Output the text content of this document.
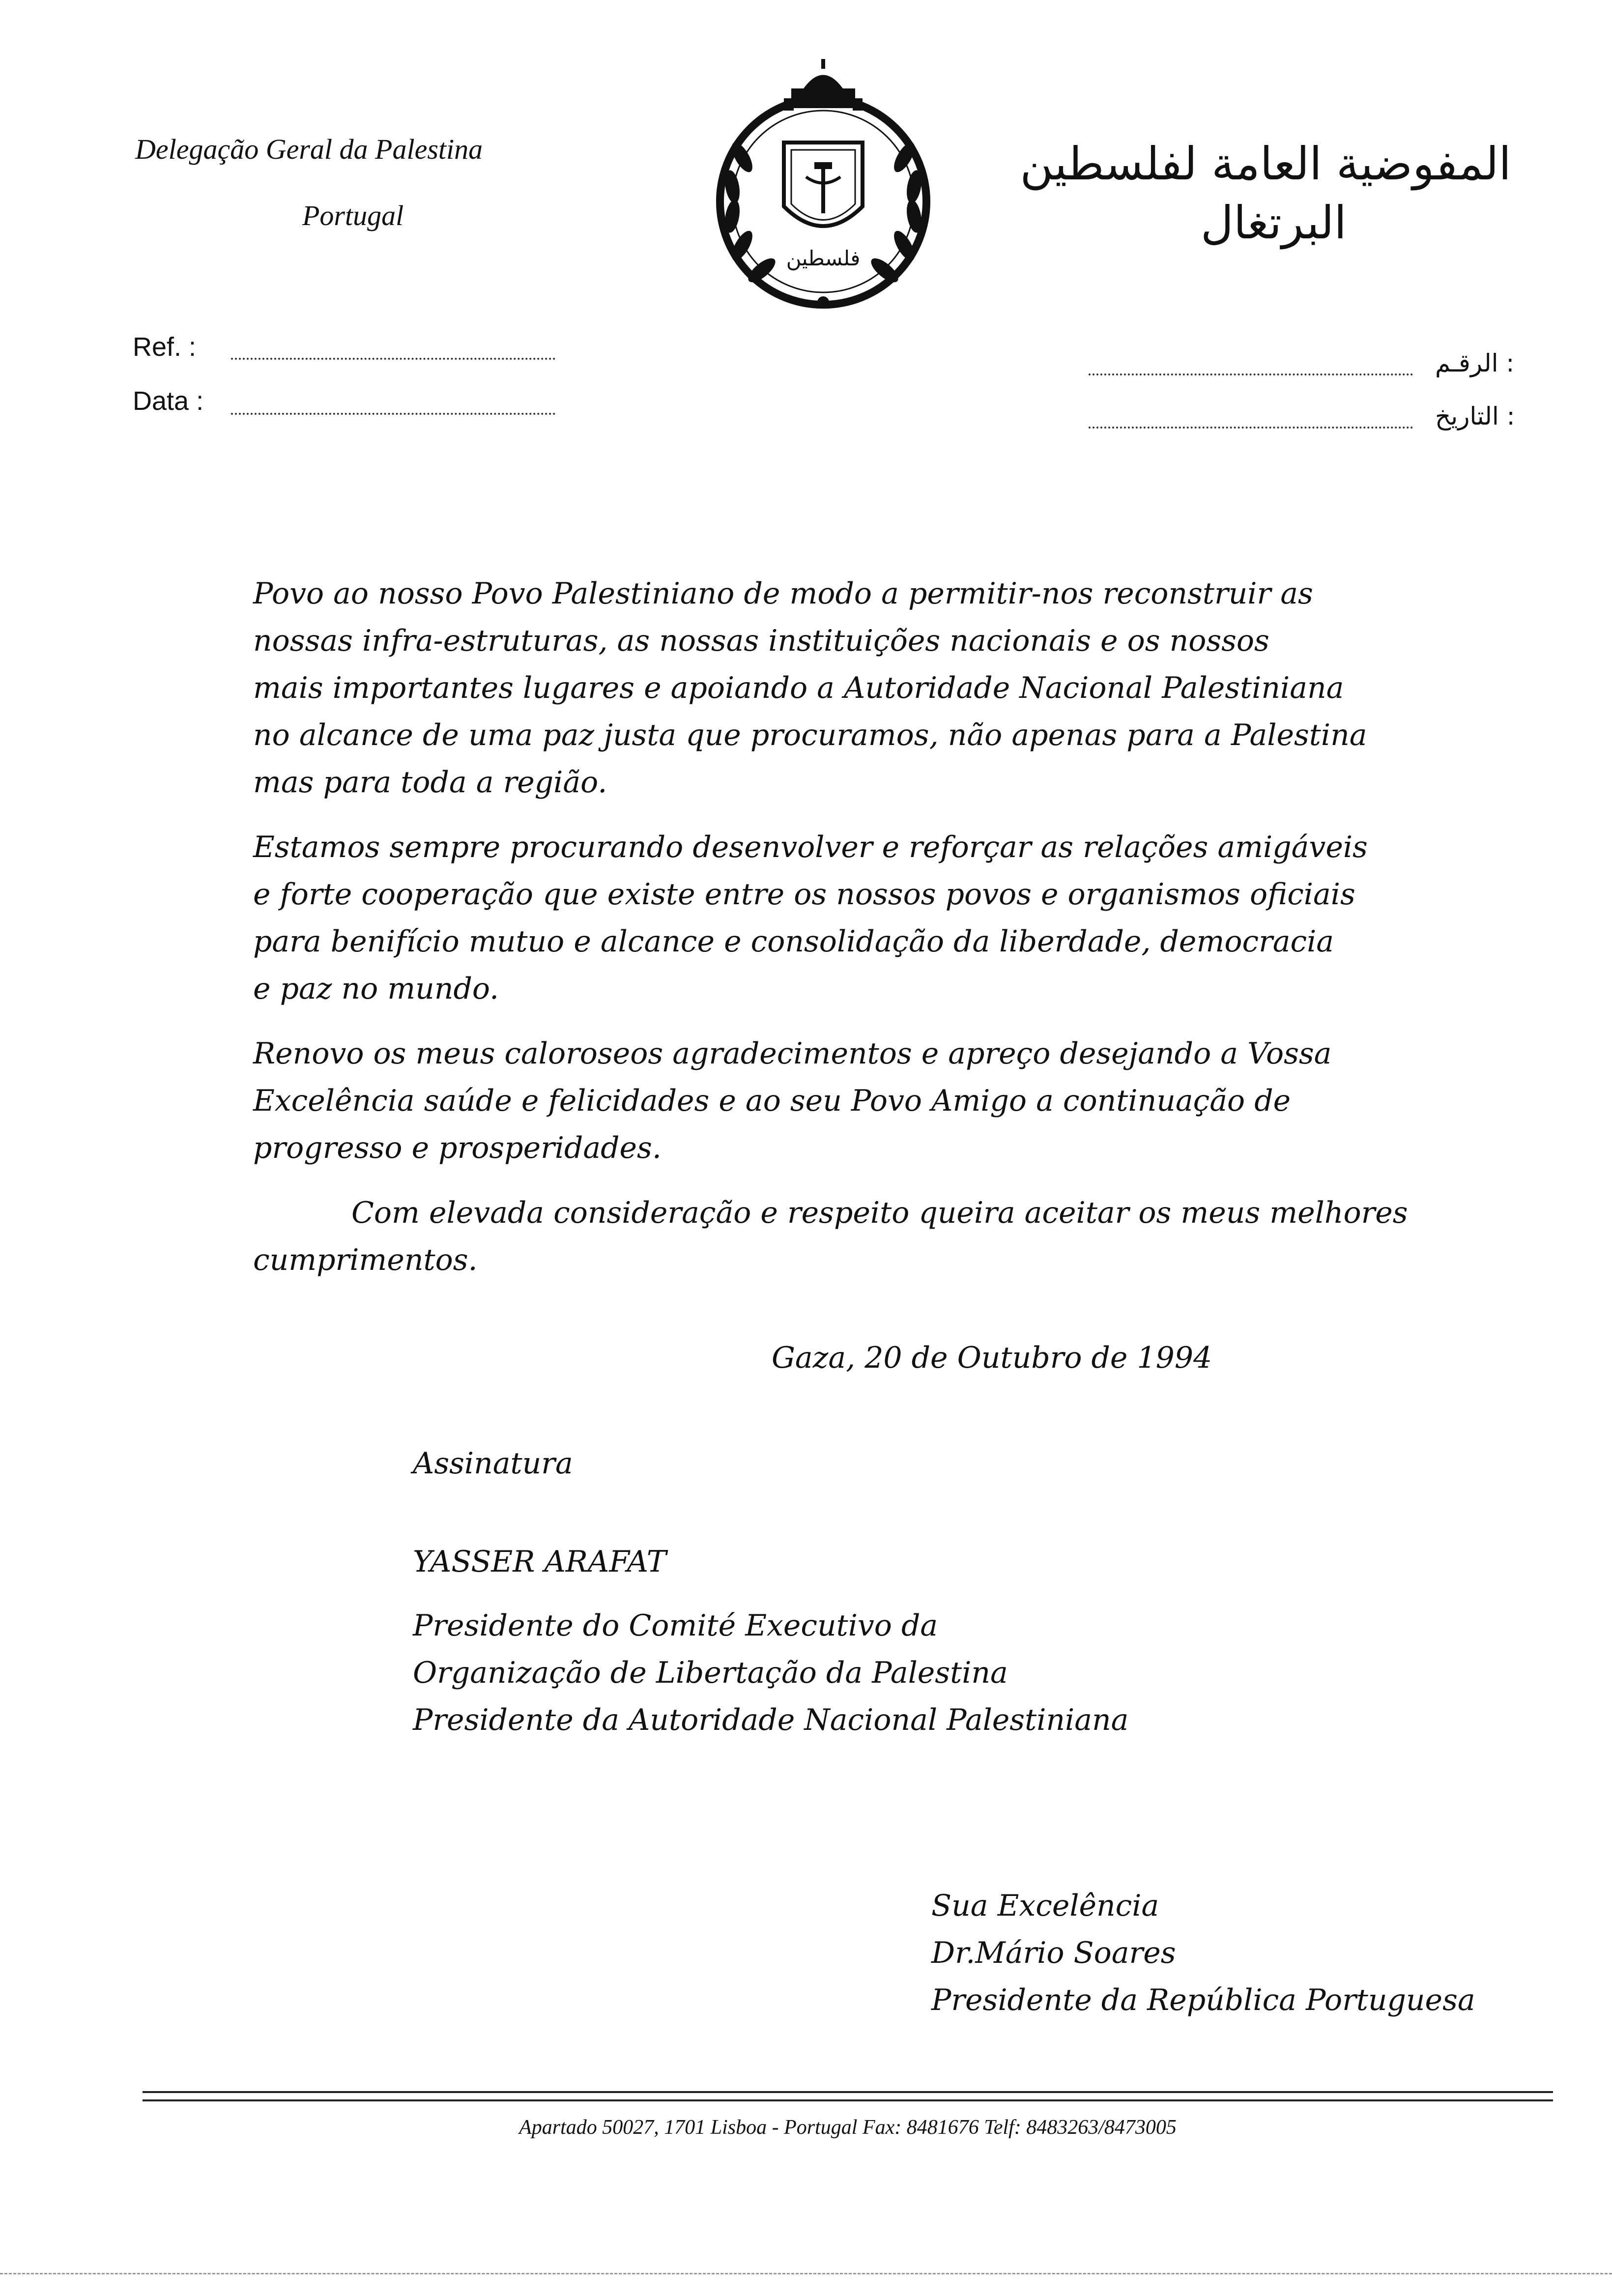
Delegação Geral da Palestina
Portugal
فلسطين
المفوضية العامة لفلسطين
البرتغال
Ref. :
Data :
: الرقـم
: التاريخ
Povo ao nosso Povo Palestiniano de modo a permitir-nos reconstruir as
nossas infra-estruturas, as nossas instituições nacionais e os nossos
mais importantes lugares e apoiando a Autoridade Nacional Palestiniana
no alcance de uma paz justa que procuramos, não apenas para a Palestina
mas para toda a região.
Estamos sempre procurando desenvolver e reforçar as relações amigáveis
e forte cooperação que existe entre os nossos povos e organismos oficiais
para benifício mutuo e alcance e consolidação da liberdade, democracia
e paz no mundo.
Renovo os meus caloroseos agradecimentos e apreço desejando a Vossa
Excelência saúde e felicidades e ao seu Povo Amigo a continuação de
progresso e prosperidades.
Com elevada consideração e respeito queira aceitar os meus melhores
cumprimentos.
Gaza, 20 de Outubro de 1994
Assinatura
YASSER ARAFAT
Presidente do Comité Executivo da
Organização de Libertação da Palestina
Presidente da Autoridade Nacional Palestiniana
Sua Excelência
Dr.Mário Soares
Presidente da República Portuguesa
Apartado 50027, 1701 Lisboa - Portugal Fax: 8481676 Telf: 8483263/8473005
